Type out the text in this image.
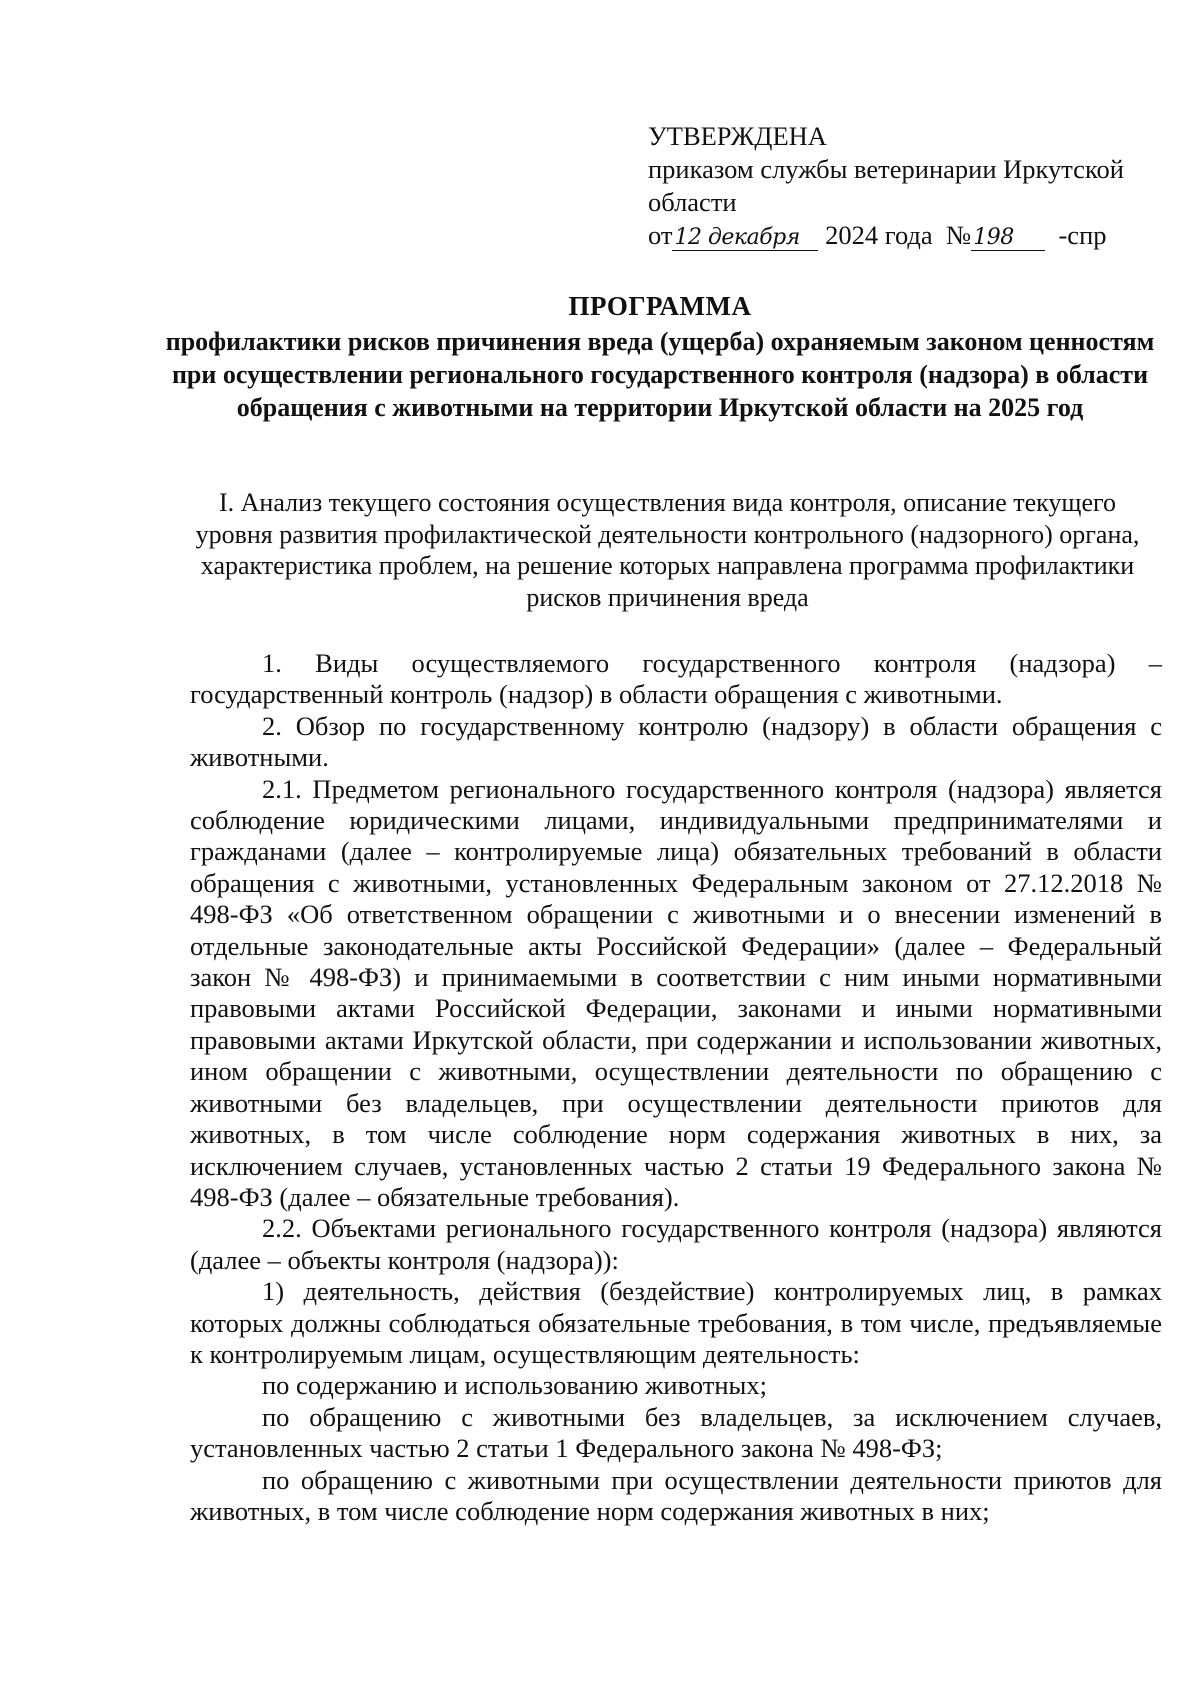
УТВЕРЖДЕНА
приказом службы ветеринарии Иркутской
области
от12 декабря 2024 года №198 -спр
ПРОГРАММА
профилактики рисков причинения вреда (ущерба) охраняемым законом ценностям при осуществлении регионального государственного контроля (надзора) в области обращения с животными на территории Иркутской области на 2025 год
I. Анализ текущего состояния осуществления вида контроля, описание текущего уровня развития профилактической деятельности контрольного (надзорного) органа, характеристика проблем, на решение которых направлена программа профилактики рисков причинения вреда

1. Виды осуществляемого государственного контроля (надзора) – государственный контроль (надзор) в области обращения с животными.

2. Обзор по государственному контролю (надзору) в области обращения с животными.

2.1. Предметом регионального государственного контроля (надзора) является соблюдение юридическими лицами, индивидуальными предпринимателями и гражданами (далее – контролируемые лица) обязательных требований в области обращения с животными, установленных Федеральным законом от 27.12.2018 № 498-ФЗ «Об ответственном обращении с животными и о внесении изменений в отдельные законодательные акты Российской Федерации» (далее – Федеральный закон № 498-ФЗ) и принимаемыми в соответствии с ним иными нормативными правовыми актами Российской Федерации, законами и иными нормативными правовыми актами Иркутской области, при содержании и использовании животных, ином обращении с животными, осуществлении деятельности по обращению с животными без владельцев, при осуществлении деятельности приютов для животных, в том числе соблюдение норм содержания животных в них, за исключением случаев, установленных частью 2 статьи 19 Федерального закона № 498-ФЗ (далее – обязательные требования).

2.2. Объектами регионального государственного контроля (надзора) являются (далее – объекты контроля (надзора)):

1) деятельность, действия (бездействие) контролируемых лиц, в рамках которых должны соблюдаться обязательные требования, в том числе, предъявляемые к контролируемым лицам, осуществляющим деятельность:

по содержанию и использованию животных;

по обращению с животными без владельцев, за исключением случаев, установленных частью 2 статьи 1 Федерального закона № 498-ФЗ;

по обращению с животными при осуществлении деятельности приютов для животных, в том числе соблюдение норм содержания животных в них;
